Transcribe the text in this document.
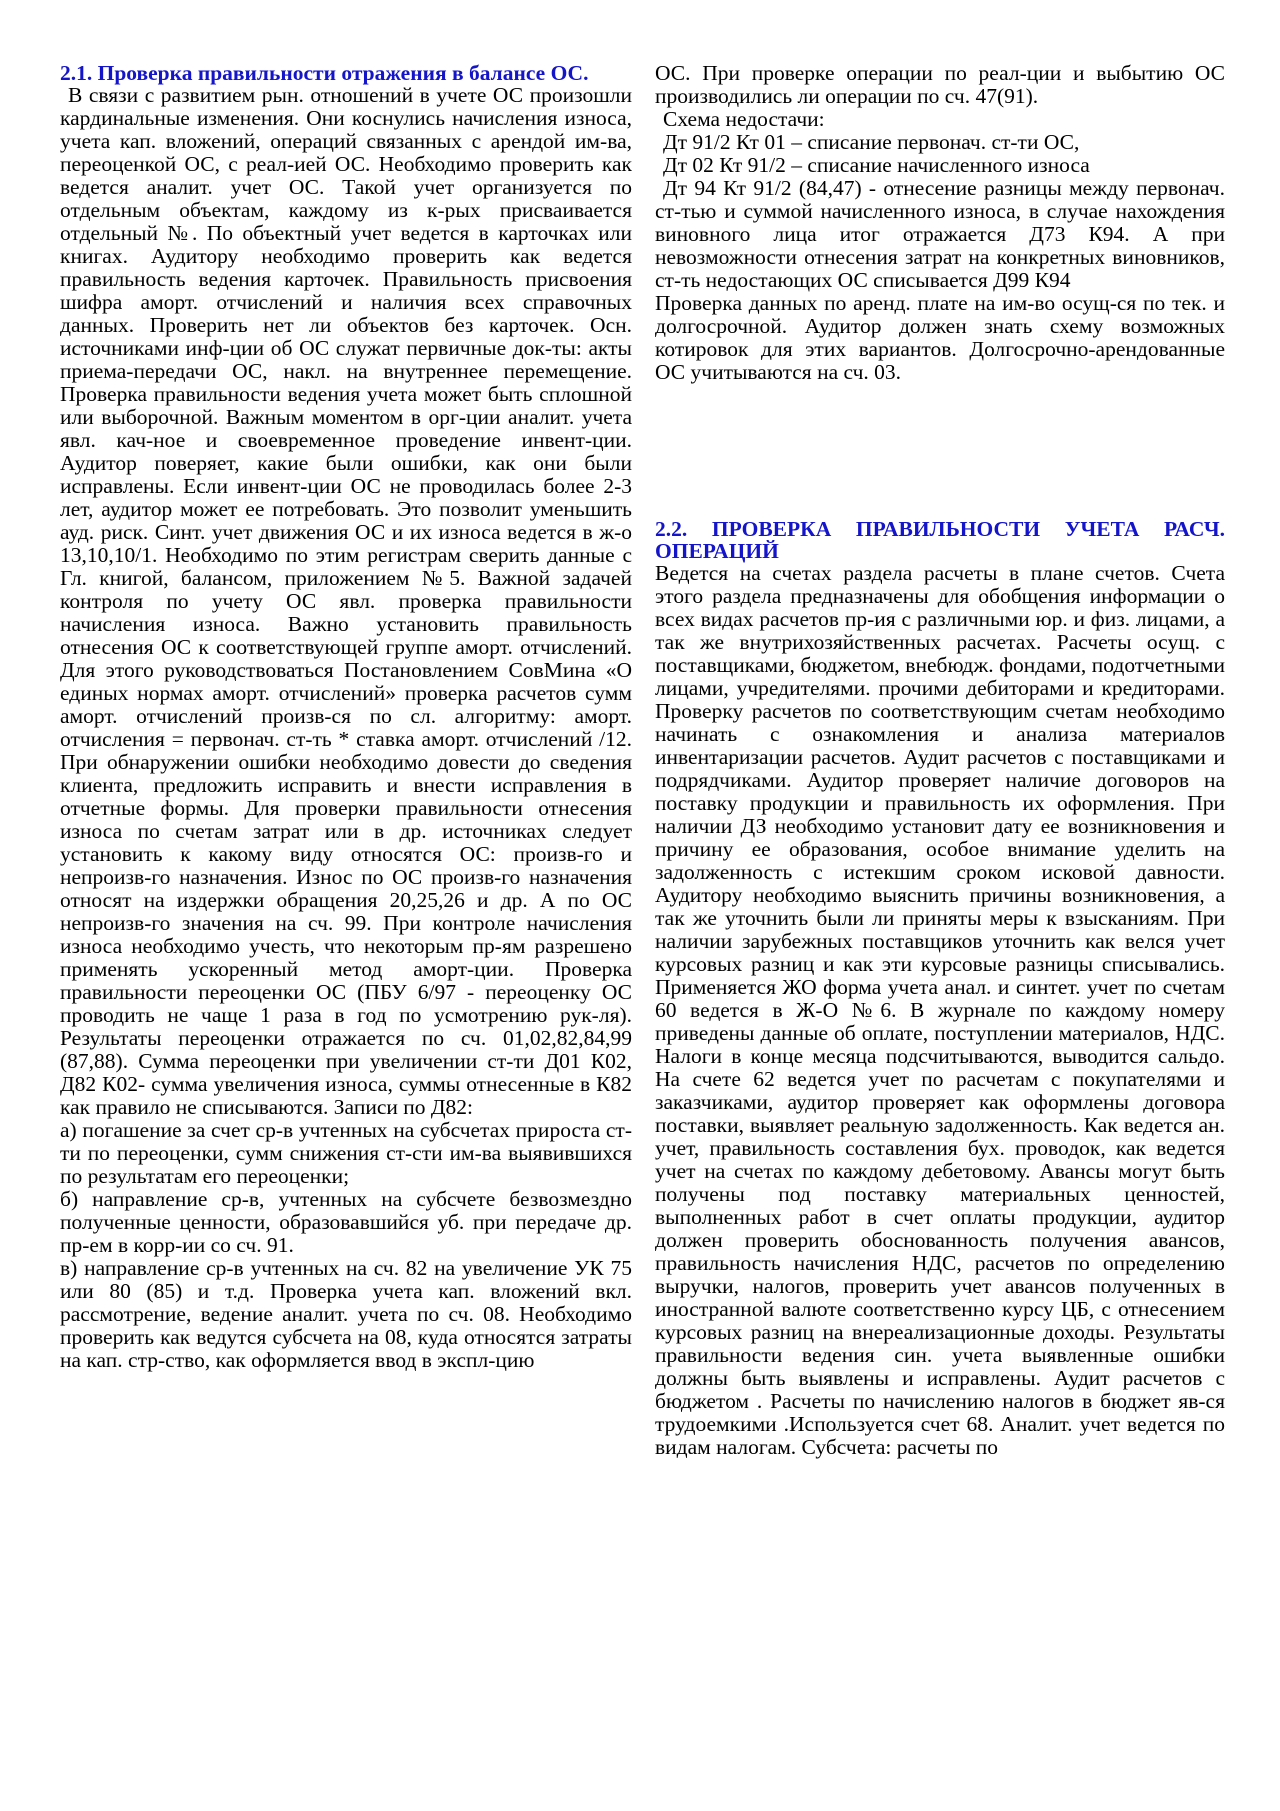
2.1. Проверка правильности отражения в балансе ОС.

В связи с развитием рын. отношений в учете ОС произошли кардинальные изменения. Они коснулись начисления износа, учета кап. вложений, операций связанных с арендой им-ва, переоценкой ОС, с реал-ией ОС. Необходимо проверить как ведется аналит. учет ОС. Такой учет организуется по отдельным объектам, каждому из к-рых присваивается отдельный №. По объектный учет ведется в карточках или книгах. Аудитору необходимо проверить как ведется правильность ведения карточек. Правильность присвоения шифра аморт. отчислений и наличия всех справочных данных. Проверить нет ли объектов без карточек. Осн. источниками инф-ции об ОС служат первичные док-ты: акты приема-передачи ОС, накл. на внутреннее перемещение. Проверка правильности ведения учета может быть сплошной или выборочной. Важным моментом в орг-ции аналит. учета явл. кач-ное и своевременное проведение инвент-ции. Аудитор поверяет, какие были ошибки, как они были исправлены. Если инвент-ции ОС не проводилась более 2-3 лет, аудитор может ее потребовать. Это позволит уменьшить ауд. риск. Синт. учет движения ОС и их износа ведется в ж-о 13,10,10/1. Необходимо по этим регистрам сверить данные с Гл. книгой, балансом, приложением №5. Важной задачей контроля по учету ОС явл. проверка правильности начисления износа. Важно установить правильность отнесения ОС к соответствующей группе аморт. отчислений. Для этого руководствоваться Постановлением СовМина «О единых нормах аморт. отчислений» проверка расчетов сумм аморт. отчислений произв-ся по сл. алгоритму: аморт. отчисления = первонач. ст-ть * ставка аморт. отчислений /12. При обнаружении ошибки необходимо довести до сведения клиента, предложить исправить и внести исправления в отчетные формы. Для проверки правильности отнесения износа по счетам затрат или в др. источниках следует установить к какому виду относятся ОС: произв-го и непроизв-го назначения. Износ по ОС произв-го назначения относят на издержки обращения 20,25,26 и др. А по ОС непроизв-го значения на сч. 99. При контроле начисления износа необходимо учесть, что некоторым пр-ям разрешено применять ускоренный метод аморт-ции. Проверка правильности переоценки ОС (ПБУ 6/97 - переоценку ОС проводить не чаще 1 раза в год по усмотрению рук-ля). Результаты переоценки отражается по сч. 01,02,82,84,99 (87,88). Сумма переоценки при увеличении ст-ти Д01 К02, Д82 К02- сумма увеличения износа, суммы отнесенные в К82 как правило не списываются. Записи по Д82:

а) погашение за счет ср-в учтенных на субсчетах прироста ст-ти по переоценки, сумм снижения ст-сти им-ва выявившихся по результатам его переоценки;

б) направление ср-в, учтенных на субсчете безвозмездно полученные ценности, образовавшийся уб. при передаче др. пр-ем в корр-ии со сч. 91.

в) направление ср-в учтенных на сч. 82 на увеличение УК 75 или 80 (85) и т.д. Проверка учета кап. вложений вкл. рассмотрение, ведение аналит. учета по сч. 08. Необходимо проверить как ведутся субсчета на 08, куда относятся затраты на кап. стр-ство, как оформляется ввод в экспл-цию

ОС. При проверке операции по реал-ции и выбытию ОС производились ли операции по сч. 47(91).

Схема недостачи:

Дт 91/2 Кт 01 – списание первонач. ст-ти ОС,

Дт 02 Кт 91/2 – списание начисленного износа

Дт 94 Кт 91/2 (84,47) - отнесение разницы между первонач. ст-тью и суммой начисленного износа, в случае нахождения виновного лица итог отражается Д73 К94. А при невозможности отнесения затрат на конкретных виновников, ст-ть недостающих ОС списывается Д99 К94

Проверка данных по аренд. плате на им-во осущ-ся по тек. и долгосрочной. Аудитор должен знать схему возможных котировок для этих вариантов. Долгосрочно-арендованные ОС учитываются на сч. 03.

2.2. ПРОВЕРКА ПРАВИЛЬНОСТИ УЧЕТА РАСЧ. ОПЕРАЦИЙ

Ведется на счетах раздела расчеты в плане счетов. Счета этого раздела предназначены для обобщения информации о всех видах расчетов пр-ия с различными юр. и физ. лицами, а так же внутрихозяйственных расчетах. Расчеты осущ. с поставщиками, бюджетом, внебюдж. фондами, подотчетными лицами, учредителями. прочими дебиторами и кредиторами. Проверку расчетов по соответствующим счетам необходимо начинать с ознакомления и анализа материалов инвентаризации расчетов. Аудит расчетов с поставщиками и подрядчиками. Аудитор проверяет наличие договоров на поставку продукции и правильность их оформления. При наличии ДЗ необходимо установит дату ее возникновения и причину ее образования, особое внимание уделить на задолженность с истекшим сроком исковой давности. Аудитору необходимо выяснить причины возникновения, а так же уточнить были ли приняты меры к взысканиям. При наличии зарубежных поставщиков уточнить как велся учет курсовых разниц и как эти курсовые разницы списывались. Применяется ЖО форма учета анал. и синтет. учет по счетам 60 ведется в Ж-О №6. В журнале по каждому номеру приведены данные об оплате, поступлении материалов, НДС. Налоги в конце месяца подсчитываются, выводится сальдо. На счете 62 ведется учет по расчетам с покупателями и заказчиками, аудитор проверяет как оформлены договора поставки, выявляет реальную задолженность. Как ведется ан. учет, правильность составления бух. проводок, как ведется учет на счетах по каждому дебетовому. Авансы могут быть получены под поставку материальных ценностей, выполненных работ в счет оплаты продукции, аудитор должен проверить обоснованность получения авансов, правильность начисления НДС, расчетов по определению выручки, налогов, проверить учет авансов полученных в иностранной валюте соответственно курсу ЦБ, с отнесением курсовых разниц на внереализационные доходы. Результаты правильности ведения син. учета выявленные ошибки должны быть выявлены и исправлены. Аудит расчетов с бюджетом . Расчеты по начислению налогов в бюджет яв-ся трудоемкими .Используется счет 68. Аналит. учет ведется по видам налогам. Субсчета: расчеты по
